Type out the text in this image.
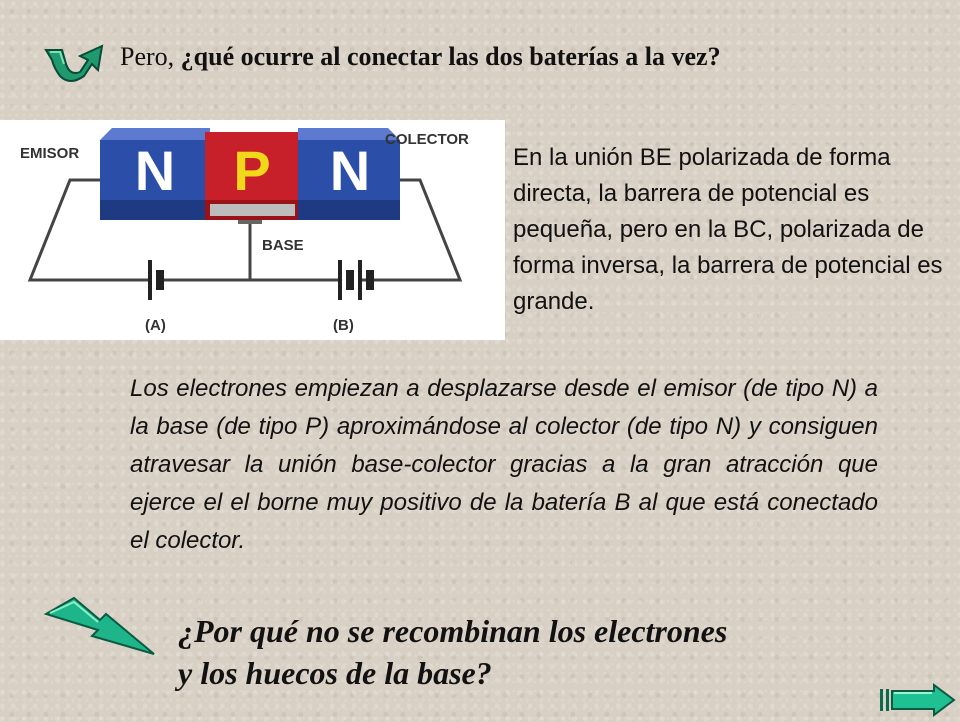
Pero, ¿qué ocurre al conectar las dos baterías a la vez?
N P N
EMISOR
COLECTOR
BASE
(A)	(B)
En la unión BE polarizada de forma directa, la barrera de potencial es pequeña, pero en la BC, polarizada de forma inversa, la barrera de potencial es grande.
Los electrones empiezan a desplazarse desde el emisor (de tipo N) a la base (de tipo P) aproximándose al colector (de tipo N) y consiguen atravesar la unión base-colector gracias a la gran atracción que ejerce el el borne muy positivo de la batería B al que está conectado el colector.
¿Por qué no se recombinan los electrones
y los huecos de la base?
